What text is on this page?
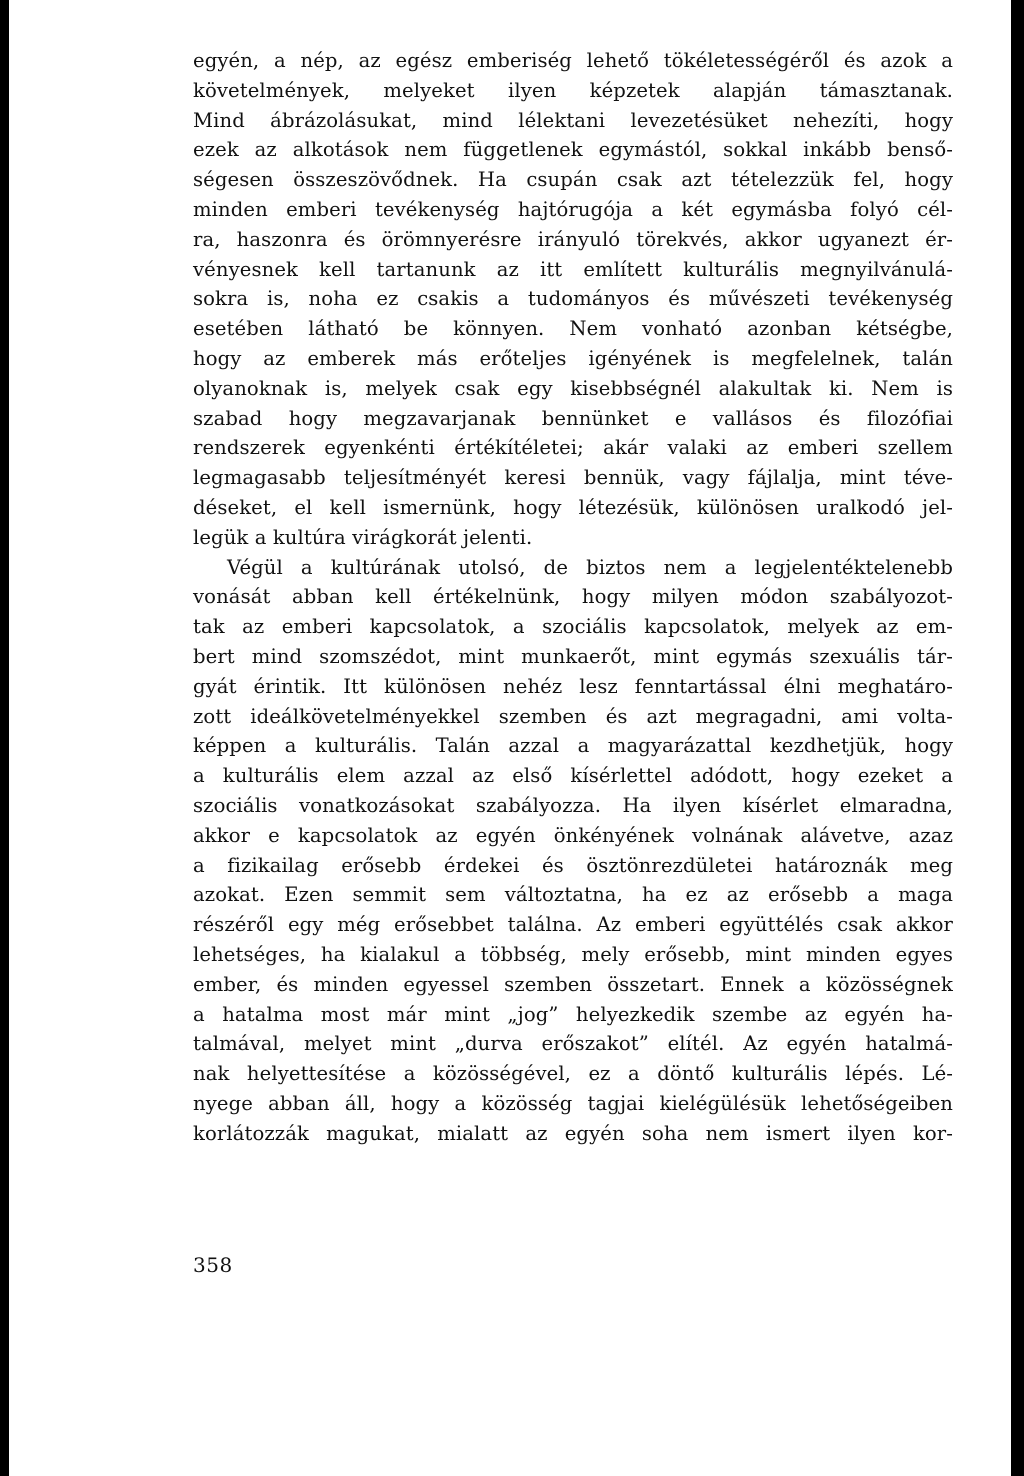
egyén, a nép, az egész emberiség lehető tökéletességéről és azok a
követelmények, melyeket ilyen képzetek alapján támasztanak.
Mind ábrázolásukat, mind lélektani levezetésüket nehezíti, hogy
ezek az alkotások nem függetlenek egymástól, sokkal inkább benső-
ségesen összeszövődnek. Ha csupán csak azt tételezzük fel, hogy
minden emberi tevékenység hajtórugója a két egymásba folyó cél-
ra, haszonra és örömnyerésre irányuló törekvés, akkor ugyanezt ér-
vényesnek kell tartanunk az itt említett kulturális megnyilvánulá-
sokra is, noha ez csakis a tudományos és művészeti tevékenység
esetében látható be könnyen. Nem vonható azonban kétségbe,
hogy az emberek más erőteljes igényének is megfelelnek, talán
olyanoknak is, melyek csak egy kisebbségnél alakultak ki. Nem is
szabad hogy megzavarjanak bennünket e vallásos és filozófiai
rendszerek egyenkénti értékítéletei; akár valaki az emberi szellem
legmagasabb teljesítményét keresi bennük, vagy fájlalja, mint téve-
déseket, el kell ismernünk, hogy létezésük, különösen uralkodó jel-
legük a kultúra virágkorát jelenti.
Végül a kultúrának utolsó, de biztos nem a legjelentéktelenebb
vonását abban kell értékelnünk, hogy milyen módon szabályozot-
tak az emberi kapcsolatok, a szociális kapcsolatok, melyek az em-
bert mind szomszédot, mint munkaerőt, mint egymás szexuális tár-
gyát érintik. Itt különösen nehéz lesz fenntartással élni meghatáro-
zott ideálkövetelményekkel szemben és azt megragadni, ami volta-
képpen a kulturális. Talán azzal a magyarázattal kezdhetjük, hogy
a kulturális elem azzal az első kísérlettel adódott, hogy ezeket a
szociális vonatkozásokat szabályozza. Ha ilyen kísérlet elmaradna,
akkor e kapcsolatok az egyén önkényének volnának alávetve, azaz
a fizikailag erősebb érdekei és ösztönrezdületei határoznák meg
azokat. Ezen semmit sem változtatna, ha ez az erősebb a maga
részéről egy még erősebbet találna. Az emberi együttélés csak akkor
lehetséges, ha kialakul a többség, mely erősebb, mint minden egyes
ember, és minden egyessel szemben összetart. Ennek a közösségnek
a hatalma most már mint „jog” helyezkedik szembe az egyén ha-
talmával, melyet mint „durva erőszakot” elítél. Az egyén hatalmá-
nak helyettesítése a közösségével, ez a döntő kulturális lépés. Lé-
nyege abban áll, hogy a közösség tagjai kielégülésük lehetőségeiben
korlátozzák magukat, mialatt az egyén soha nem ismert ilyen kor-
358
